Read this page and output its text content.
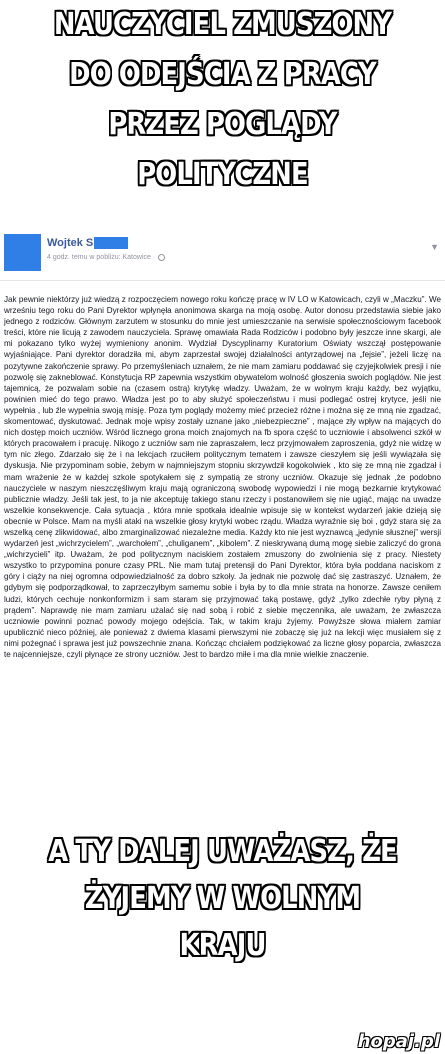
NAUCZYCIEL ZMUSZONY
DO ODEJŚCIA Z PRACY
PRZEZ POGLĄDY
POLITYCZNE
Wojtek S
4 godz. temu w pobliżu: Katowice ·
▼
Jak pewnie niektórzy już wiedzą z rozpoczęciem nowego roku kończę pracę w IV LO w Katowicach, czyli w „Maczku”. We wrześniu tego roku do Pani Dyrektor wpłynęła anonimowa skarga na moją osobę. Autor donosu przedstawia siebie jako jednego z rodziców. Głównym zarzutem w stosunku do mnie jest umieszczanie na serwisie społecznościowym facebook treści, które nie licują z zawodem nauczyciela. Sprawę omawiała Rada Rodziców i podobno były jeszcze inne skargi, ale mi pokazano tylko wyżej wymieniony anonim. Wydział Dyscyplinarny Kuratorium Oświaty wszczął postępowanie wyjaśniające. Pani dyrektor doradziła mi, abym zaprzestał swojej działalności antyrządowej na „fejsie”, jeżeli liczę na pozytywne zakończenie sprawy. Po przemyśleniach uznałem, że nie mam zamiaru poddawać się czyjejkolwiek presji i nie pozwolę się zakneblować. Konstytucja RP zapewnia wszystkim obywatelom wolność głoszenia swoich poglądów. Nie jest tajemnicą, że pozwalam sobie na (czasem ostrą) krytykę władzy. Uważam, że w wolnym kraju każdy, bez wyjątku, powinien mieć do tego prawo. Władza jest po to aby służyć społeczeństwu i musi podlegać ostrej krytyce, jeśli nie wypełnia , lub źle wypełnia swoją misję. Poza tym poglądy możemy mieć przecież różne i można się ze mną nie zgadzać, skomentować, dyskutować. Jednak moje wpisy zostały uznane jako „niebezpieczne” , mające zły wpływ na mających do nich dostęp moich uczniów. Wśród licznego grona moich znajomych na fb spora część to uczniowie i absolwenci szkół w których pracowałem i pracuję. Nikogo z uczniów sam nie zapraszałem, lecz przyjmowałem zaproszenia, gdyż nie widzę w tym nic złego. Zdarzało się że i na lekcjach rzuciłem politycznym tematem i zawsze cieszyłem się jeśli wywiązała się dyskusja. Nie przypominam sobie, żebym w najmniejszym stopniu skrzywdził kogokolwiek , kto się ze mną nie zgadzał i mam wrażenie że w każdej szkole spotykałem się z sympatią ze strony uczniów. Okazuje się jednak ,że podobno nauczyciele w naszym nieszczęśliwym kraju mają ograniczoną swobodę wypowiedzi i nie mogą bezkarnie krytykować publicznie władzy. Jeśli tak jest, to ja nie akceptuję takiego stanu rzeczy i postanowiłem się nie ugiąć, mając na uwadze wszelkie konsekwencje. Cała sytuacja , która mnie spotkała idealnie wpisuje się w kontekst wydarzeń jakie dzieją się obecnie w Polsce. Mam na myśli ataki na wszelkie głosy krytyki wobec rządu. Władza wyraźnie się boi , gdyż stara się za wszelką cenę zlikwidować, albo zmarginalizować niezależne media. Każdy kto nie jest wyznawcą „jedynie słusznej” wersji wydarzeń jest „wichrzycielem”, „warchołem”, „chuliganem”, „kibolem”. Z nieskrywaną dumą mogę siebie zaliczyć do grona „wichrzycieli” itp. Uważam, że pod politycznym naciskiem zostałem zmuszony do zwolnienia się z pracy. Niestety wszystko to przypomina ponure czasy PRL. Nie mam tutaj pretensji do Pani Dyrektor, która była poddana naciskom z góry i ciąży na niej ogromna odpowiedzialność za dobro szkoły. Ja jednak nie pozwolę dać się zastraszyć. Uznałem, że gdybym się podporządkował, to zaprzeczyłbym samemu sobie i była by to dla mnie strata na honorze. Zawsze ceniłem ludzi, których cechuje nonkonformizm i sam staram się przyjmować taką postawę, gdyż „tylko zdechłe ryby płyną z prądem”. Naprawdę nie mam zamiaru użalać się nad sobą i robić z siebie męczennika, ale uważam, że zwłaszcza uczniowie powinni poznać powody mojego odejścia. Tak, w takim kraju żyjemy. Powyższe słowa miałem zamiar upublicznić nieco później, ale ponieważ z dwiema klasami pierwszymi nie zobaczę się już na lekcji więc musiałem się z nimi pożegnać i sprawa jest już powszechnie znana. Kończąc chciałem podziękować za liczne głosy poparcia, zwłaszcza te najcenniejsze, czyli płynące ze strony uczniów. Jest to bardzo miłe i ma dla mnie wielkie znaczenie.
A TY DALEJ UWAŻASZ, ŻE
ŻYJEMY W WOLNYM
KRAJU
hopaj.pl
